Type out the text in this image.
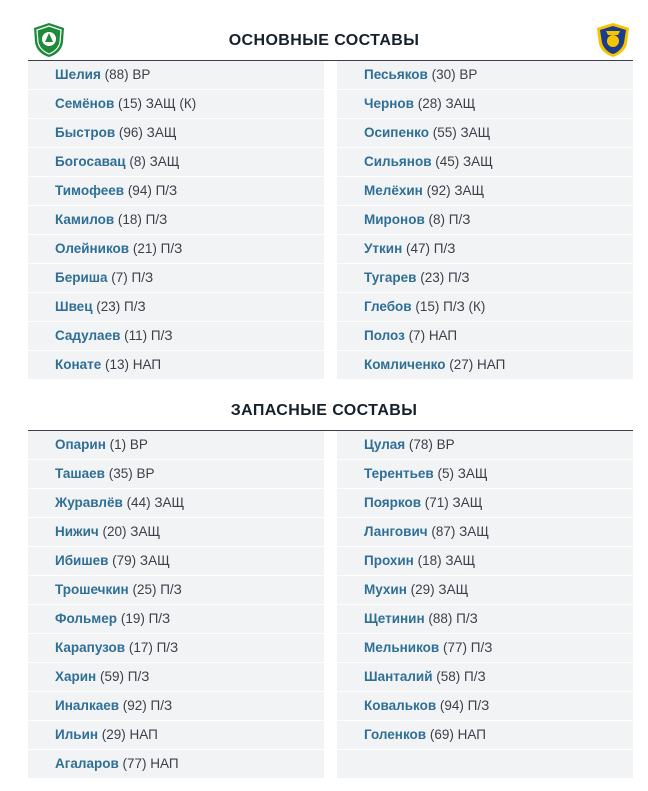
ОСНОВНЫЕ СОСТАВЫ
Шелия (88) ВР
Семёнов (15) ЗАЩ (К)
Быстров (96) ЗАЩ
Богосавац (8) ЗАЩ
Тимофеев (94) П/З
Камилов (18) П/З
Олейников (21) П/З
Бериша (7) П/З
Швец (23) П/З
Садулаев (11) П/З
Конате (13) НАП
Песьяков (30) ВР
Чернов (28) ЗАЩ
Осипенко (55) ЗАЩ
Сильянов (45) ЗАЩ
Мелёхин (92) ЗАЩ
Миронов (8) П/З
Уткин (47) П/З
Тугарев (23) П/З
Глебов (15) П/З (К)
Полоз (7) НАП
Комличенко (27) НАП
ЗАПАСНЫЕ СОСТАВЫ
Опарин (1) ВР
Ташаев (35) ВР
Журавлёв (44) ЗАЩ
Нижич (20) ЗАЩ
Ибишев (79) ЗАЩ
Трошечкин (25) П/З
Фольмер (19) П/З
Карапузов (17) П/З
Харин (59) П/З
Иналкаев (92) П/З
Ильин (29) НАП
Агаларов (77) НАП
Цулая (78) ВР
Терентьев (5) ЗАЩ
Поярков (71) ЗАЩ
Лангович (87) ЗАЩ
Прохин (18) ЗАЩ
Мухин (29) ЗАЩ
Щетинин (88) П/З
Мельников (77) П/З
Шанталий (58) П/З
Ковальков (94) П/З
Голенков (69) НАП
